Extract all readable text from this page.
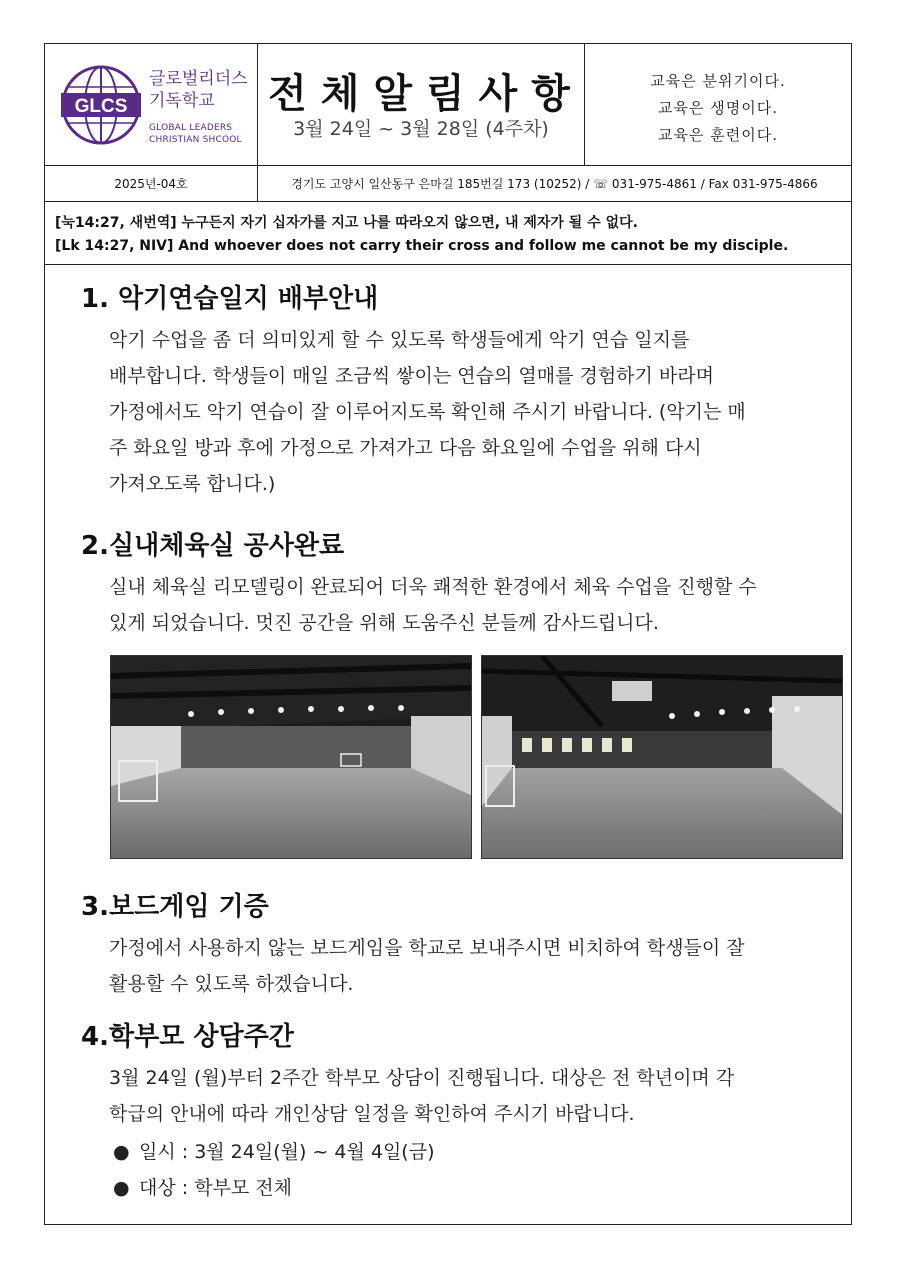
GLCS
글로벌리더스
기독학교
GLOBAL LEADERS
CHRISTIAN SHCOOL
전체알림사항
3월 24일 ~ 3월 28일 (4주차)
교육은 분위기이다.
교육은 생명이다.
교육은 훈련이다.
2025년-04호	경기도 고양시 일산동구 은마길 185번길 173 (10252) / ☏ 031-975-4861 / Fax 031-975-4866
[눅14:27, 새번역] 누구든지 자기 십자가를 지고 나를 따라오지 않으면, 내 제자가 될 수 없다.
[Lk 14:27, NIV] And whoever does not carry their cross and follow me cannot be my disciple.
1. 악기연습일지 배부안내
악기 수업을 좀 더 의미있게 할 수 있도록 학생들에게 악기 연습 일지를
배부합니다. 학생들이 매일 조금씩 쌓이는 연습의 열매를 경험하기 바라며
가정에서도 악기 연습이 잘 이루어지도록 확인해 주시기 바랍니다. (악기는 매
주 화요일 방과 후에 가정으로 가져가고 다음 화요일에 수업을 위해 다시
가져오도록 합니다.)
2.실내체육실 공사완료
실내 체육실 리모델링이 완료되어 더욱 쾌적한 환경에서 체육 수업을 진행할 수
있게 되었습니다. 멋진 공간을 위해 도움주신 분들께 감사드립니다.
3.보드게임 기증
가정에서 사용하지 않는 보드게임을 학교로 보내주시면 비치하여 학생들이 잘
활용할 수 있도록 하겠습니다.
4.학부모 상담주간
3월 24일 (월)부터 2주간 학부모 상담이 진행됩니다. 대상은 전 학년이며 각
학급의 안내에 따라 개인상담 일정을 확인하여 주시기 바랍니다.
● 일시 : 3월 24일(월) ~ 4월 4일(금)
● 대상 : 학부모 전체
